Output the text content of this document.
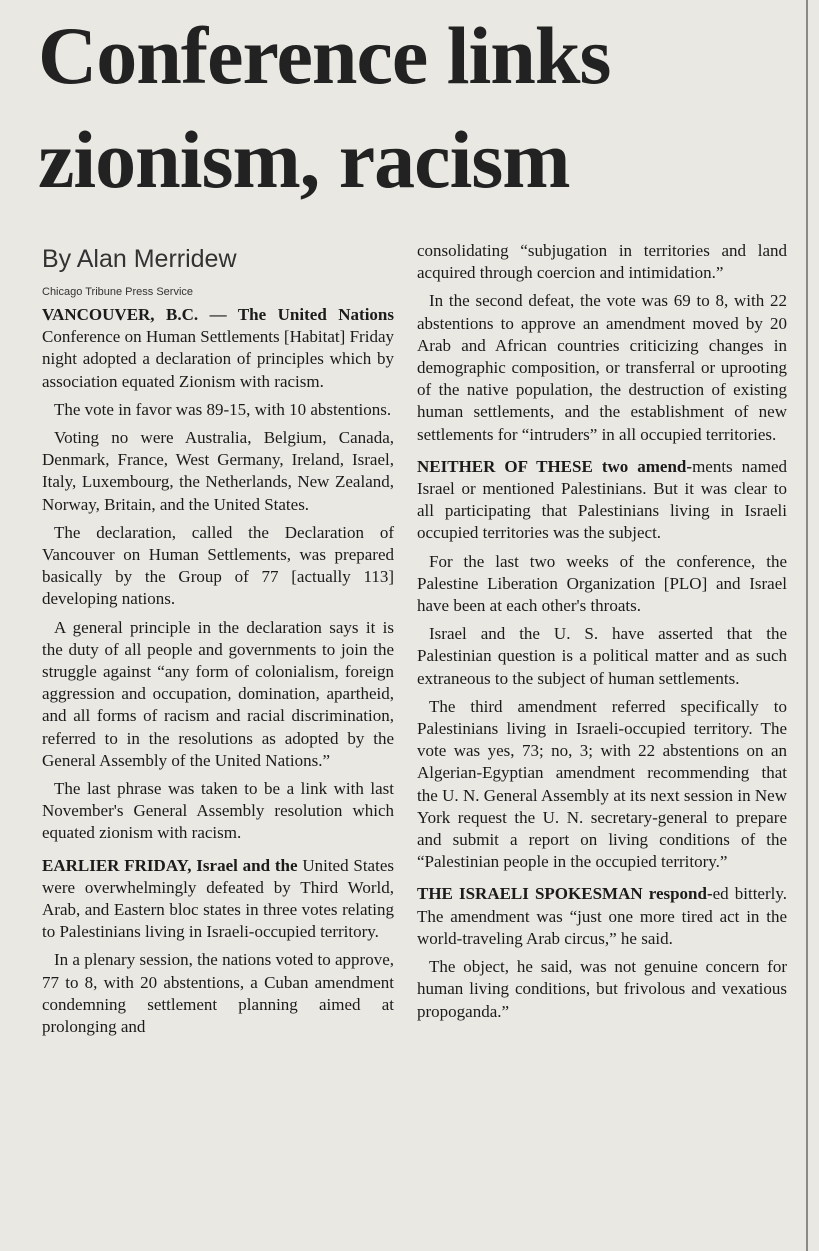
Conference links zionism, racism
By Alan Merridew
Chicago Tribune Press Service

VANCOUVER, B.C. — The United Nations Conference on Human Settlements [Habitat] Friday night adopted a declaration of principles which by association equated Zionism with racism.

The vote in favor was 89-15, with 10 abstentions.

Voting no were Australia, Belgium, Canada, Denmark, France, West Germany, Ireland, Israel, Italy, Luxembourg, the Netherlands, New Zealand, Norway, Britain, and the United States.

The declaration, called the Declaration of Vancouver on Human Settlements, was prepared basically by the Group of 77 [actually 113] developing nations.

A general principle in the declaration says it is the duty of all people and governments to join the struggle against “any form of colonialism, foreign aggression and occupation, domination, apartheid, and all forms of racism and racial discrimination, referred to in the resolutions as adopted by the General Assembly of the United Nations.”

The last phrase was taken to be a link with last November's General Assembly resolution which equated zionism with racism.

EARLIER FRIDAY, Israel and the United States were overwhelmingly defeated by Third World, Arab, and Eastern bloc states in three votes relating to Palestinians living in Israeli-occupied territory.

In a plenary session, the nations voted to approve, 77 to 8, with 20 abstentions, a Cuban amendment condemning settlement planning aimed at prolonging and

consolidating “subjugation in territories and land acquired through coercion and intimidation.”

In the second defeat, the vote was 69 to 8, with 22 abstentions to approve an amendment moved by 20 Arab and African countries criticizing changes in demographic composition, or transferral or uprooting of the native population, the destruction of existing human settlements, and the establishment of new settlements for “intruders” in all occupied territories.

NEITHER OF THESE two amend-ments named Israel or mentioned Palestinians. But it was clear to all participating that Palestinians living in Israeli occupied territories was the subject.

For the last two weeks of the conference, the Palestine Liberation Organization [PLO] and Israel have been at each other's throats.

Israel and the U. S. have asserted that the Palestinian question is a political matter and as such extraneous to the subject of human settlements.

The third amendment referred specifically to Palestinians living in Israeli-occupied territory. The vote was yes, 73; no, 3; with 22 abstentions on an Algerian-Egyptian amendment recommending that the U. N. General Assembly at its next session in New York request the U. N. secretary-general to prepare and submit a report on living conditions of the “Palestinian people in the occupied territory.”

THE ISRAELI SPOKESMAN respond-ed bitterly. The amendment was “just one more tired act in the world-traveling Arab circus,” he said.

The object, he said, was not genuine concern for human living conditions, but frivolous and vexatious propoganda.”
